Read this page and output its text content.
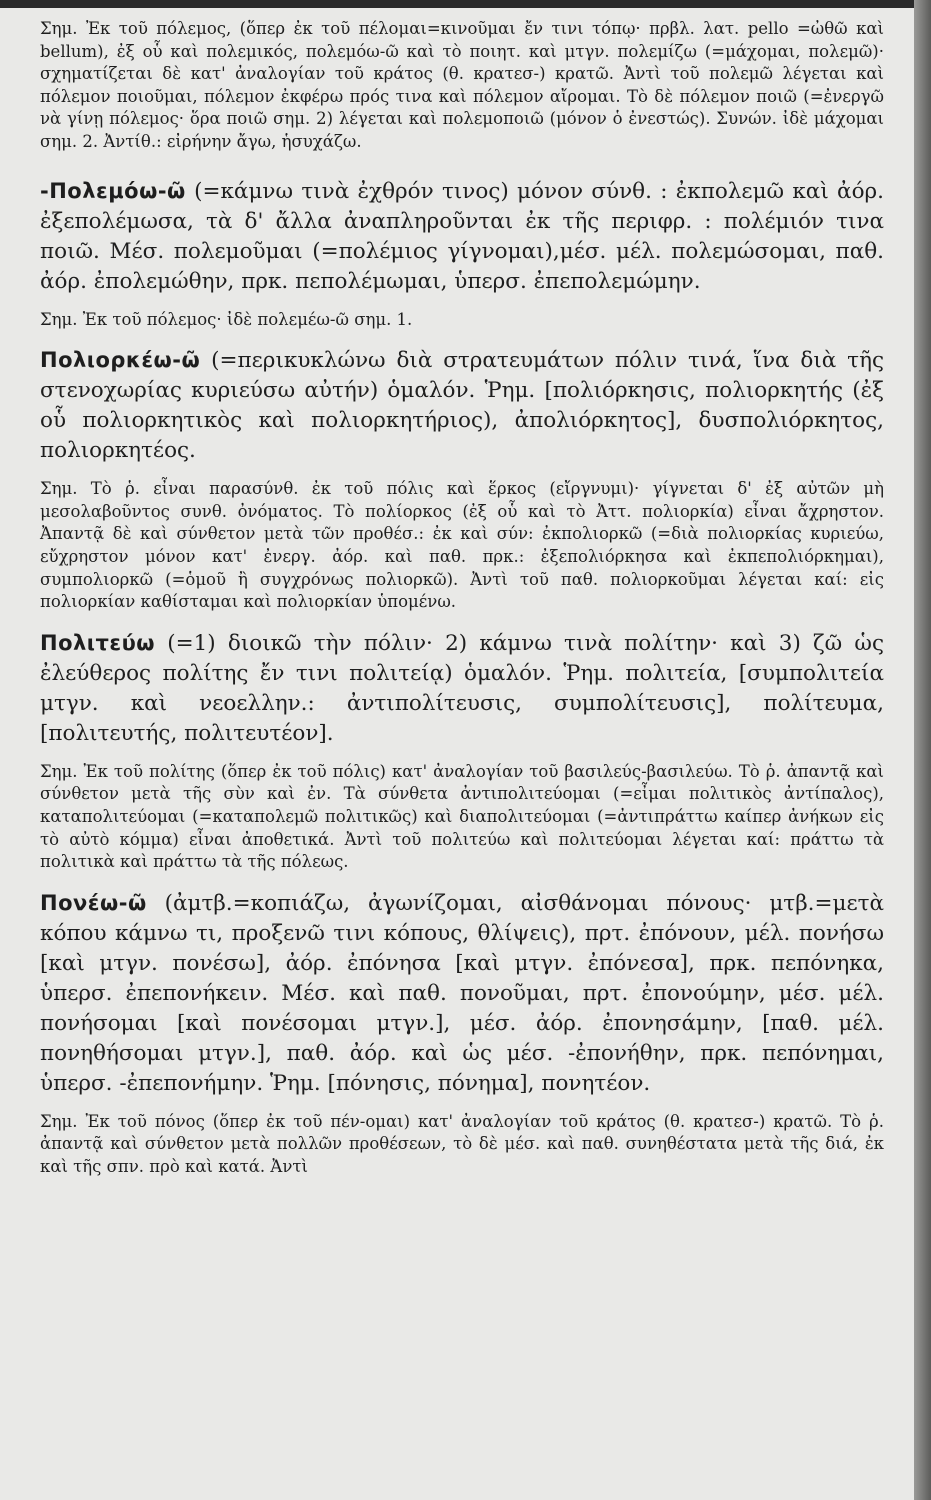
Σημ. Ἐκ τοῦ πόλεμος, (ὅπερ ἐκ τοῦ πέλομαι=κινοῦμαι ἔν τινι τόπῳ· πρβλ. λατ. pello =ὠθῶ καὶ bellum), ἐξ οὗ καὶ πολεμικός, πολεμόω-ῶ καὶ τὸ ποιητ. καὶ μτγν. πολεμίζω (=μάχομαι, πολεμῶ)· σχηματίζεται δὲ κατ' ἀναλογίαν τοῦ κράτος (θ. κρατεσ-) κρατῶ. Ἀντὶ τοῦ πολεμῶ λέγεται καὶ πόλεμον ποιοῦμαι, πόλεμον ἐκφέρω πρός τινα καὶ πόλεμον αἴρομαι. Τὸ δὲ πόλεμον ποιῶ (=ἐνεργῶ νὰ γίνῃ πόλεμος· ὅρα ποιῶ σημ. 2) λέγεται καὶ πολεμοποιῶ (μόνον ὁ ἐνεστώς). Συνών. ἰδὲ μάχομαι σημ. 2. Ἀντίθ.: εἰρήνην ἄγω, ἡσυχάζω.

-Πολεμόω-ῶ (=κάμνω τινὰ ἐχθρόν τινος) μόνον σύνθ. : ἐκπολεμῶ καὶ ἀόρ. ἐξεπολέμωσα, τὰ δ' ἄλλα ἀναπληροῦνται ἐκ τῆς περιφρ. : πολέμιόν τινα ποιῶ. Μέσ. πολεμοῦμαι (=πολέμιος γίγνομαι),μέσ. μέλ. πολεμώσομαι, παθ. ἀόρ. ἐπολεμώθην, πρκ. πεπολέμωμαι, ὑπερσ. ἐπεπολεμώμην.

Σημ. Ἐκ τοῦ πόλεμος· ἰδὲ πολεμέω-ῶ σημ. 1.

Πολιορκέω-ῶ (=περικυκλώνω διὰ στρατευμάτων πόλιν τινά, ἵνα διὰ τῆς στενοχωρίας κυριεύσω αὐτήν) ὁμαλόν. Ῥημ. [πολιόρκησις, πολιορκητής (ἐξ οὗ πολιορκητικὸς καὶ πολιορκητήριος), ἀπολιόρκητος], δυσπολιόρκητος, πολιορκητέος.

Σημ. Τὸ ῥ. εἶναι παρασύνθ. ἐκ τοῦ πόλις καὶ ἕρκος (εἴργνυμι)· γίγνεται δ' ἐξ αὐτῶν μὴ μεσολαβοῦντος συνθ. ὀνόματος. Τὸ πολίορκος (ἐξ οὗ καὶ τὸ Ἀττ. πολιορκία) εἶναι ἄχρηστον. Ἀπαντᾷ δὲ καὶ σύνθετον μετὰ τῶν προθέσ.: ἐκ καὶ σύν: ἐκπολιορκῶ (=διὰ πολιορκίας κυριεύω, εὔχρηστον μόνον κατ' ἐνεργ. ἀόρ. καὶ παθ. πρκ.: ἐξεπολιόρκησα καὶ ἐκπεπολιόρκημαι), συμπολιορκῶ (=ὁμοῦ ἢ συγχρόνως πολιορκῶ). Ἀντὶ τοῦ παθ. πολιορκοῦμαι λέγεται καί: εἰς πολιορκίαν καθίσταμαι καὶ πολιορκίαν ὑπομένω.

Πολιτεύω (=1) διοικῶ τὴν πόλιν· 2) κάμνω τινὰ πολίτην· καὶ 3) ζῶ ὡς ἐλεύθερος πολίτης ἔν τινι πολιτείᾳ) ὁμαλόν. Ῥημ. πολιτεία, [συμπολιτεία μτγν. καὶ νεοελλην.: ἀντιπολίτευσις, συμπολίτευσις], πολίτευμα, [πολιτευτής, πολιτευτέον].

Σημ. Ἐκ τοῦ πολίτης (ὅπερ ἐκ τοῦ πόλις) κατ' ἀναλογίαν τοῦ βασιλεύς-βασιλεύω. Τὸ ῥ. ἀπαντᾷ καὶ σύνθετον μετὰ τῆς σὺν καὶ ἐν. Τὰ σύνθετα ἀντιπολιτεύομαι (=εἶμαι πολιτικὸς ἀντίπαλος), καταπολιτεύομαι (=καταπολεμῶ πολιτικῶς) καὶ διαπολιτεύομαι (=ἀντιπράττω καίπερ ἀνήκων εἰς τὸ αὐτὸ κόμμα) εἶναι ἀποθετικά. Ἀντὶ τοῦ πολιτεύω καὶ πολιτεύομαι λέγεται καί: πράττω τὰ πολιτικὰ καὶ πράττω τὰ τῆς πόλεως.

Πονέω-ῶ (ἀμτβ.=κοπιάζω, ἀγωνίζομαι, αἰσθάνομαι πόνους· μτβ.=μετὰ κόπου κάμνω τι, προξενῶ τινι κόπους, θλίψεις), πρτ. ἐπόνουν, μέλ. πονήσω [καὶ μτγν. πονέσω], ἀόρ. ἐπόνησα [καὶ μτγν. ἐπόνεσα], πρκ. πεπόνηκα, ὑπερσ. ἐπεπονήκειν. Μέσ. καὶ παθ. πονοῦμαι, πρτ. ἐπονούμην, μέσ. μέλ. πονήσομαι [καὶ πονέσομαι μτγν.], μέσ. ἀόρ. ἐπονησάμην, [παθ. μέλ. πονηθήσομαι μτγν.], παθ. ἀόρ. καὶ ὡς μέσ. -ἐπονήθην, πρκ. πεπόνημαι, ὑπερσ. -ἐπεπονήμην. Ῥημ. [πόνησις, πόνημα], πονητέον.

Σημ. Ἐκ τοῦ πόνος (ὅπερ ἐκ τοῦ πέν-ομαι) κατ' ἀναλογίαν τοῦ κράτος (θ. κρατεσ-) κρατῶ. Τὸ ῥ. ἀπαντᾷ καὶ σύνθετον μετὰ πολλῶν προθέσεων, τὸ δὲ μέσ. καὶ παθ. συνηθέστατα μετὰ τῆς διά, ἐκ καὶ τῆς σπν. πρὸ καὶ κατά. Ἀντὶ
